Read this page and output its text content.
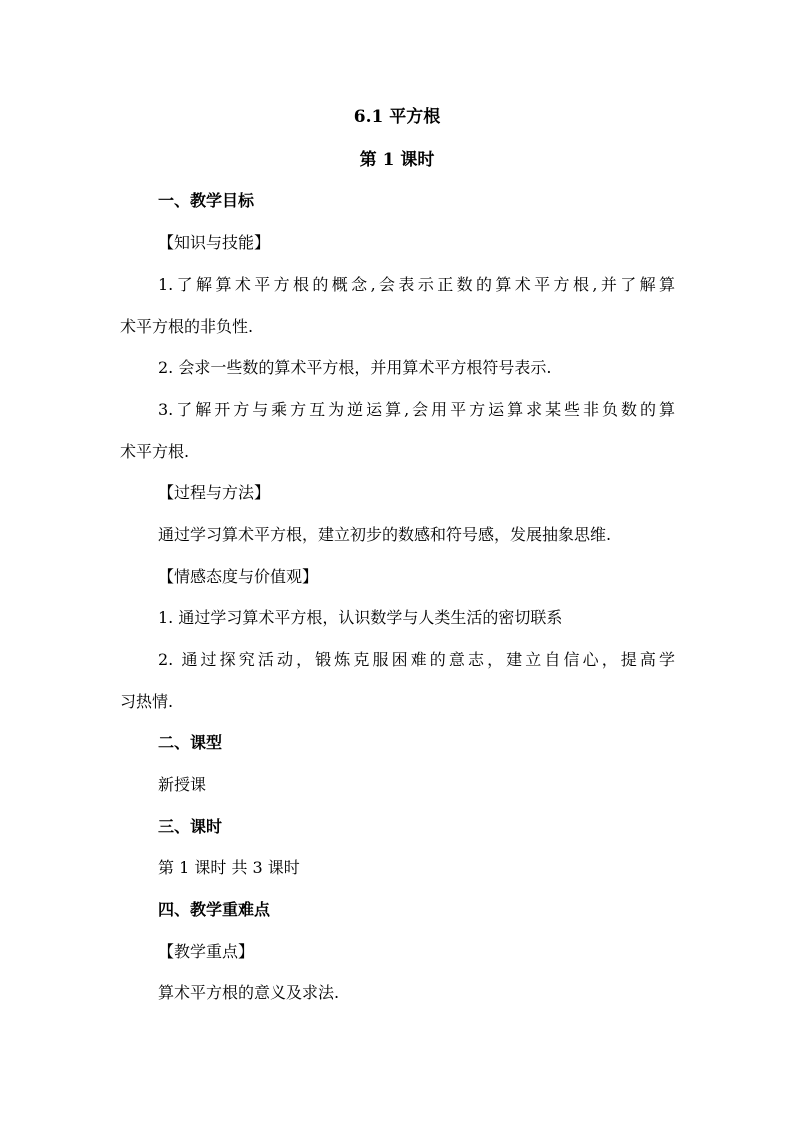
6.1 平方根
第 1 课时
一、教学目标
【知识与技能】
1.了解算术平方根的概念,会表示正数的算术平方根,并了解算
术平方根的非负性.
2. 会求一些数的算术平方根，并用算术平方根符号表示.
3.了解开方与乘方互为逆运算,会用平方运算求某些非负数的算
术平方根.
【过程与方法】
通过学习算术平方根，建立初步的数感和符号感，发展抽象思维.
【情感态度与价值观】
1. 通过学习算术平方根，认识数学与人类生活的密切联系
2. 通过探究活动，锻炼克服困难的意志，建立自信心，提高学
习热情.
二、课型
新授课
三、课时
第 1 课时 共 3 课时
四、教学重难点
【教学重点】
算术平方根的意义及求法.
